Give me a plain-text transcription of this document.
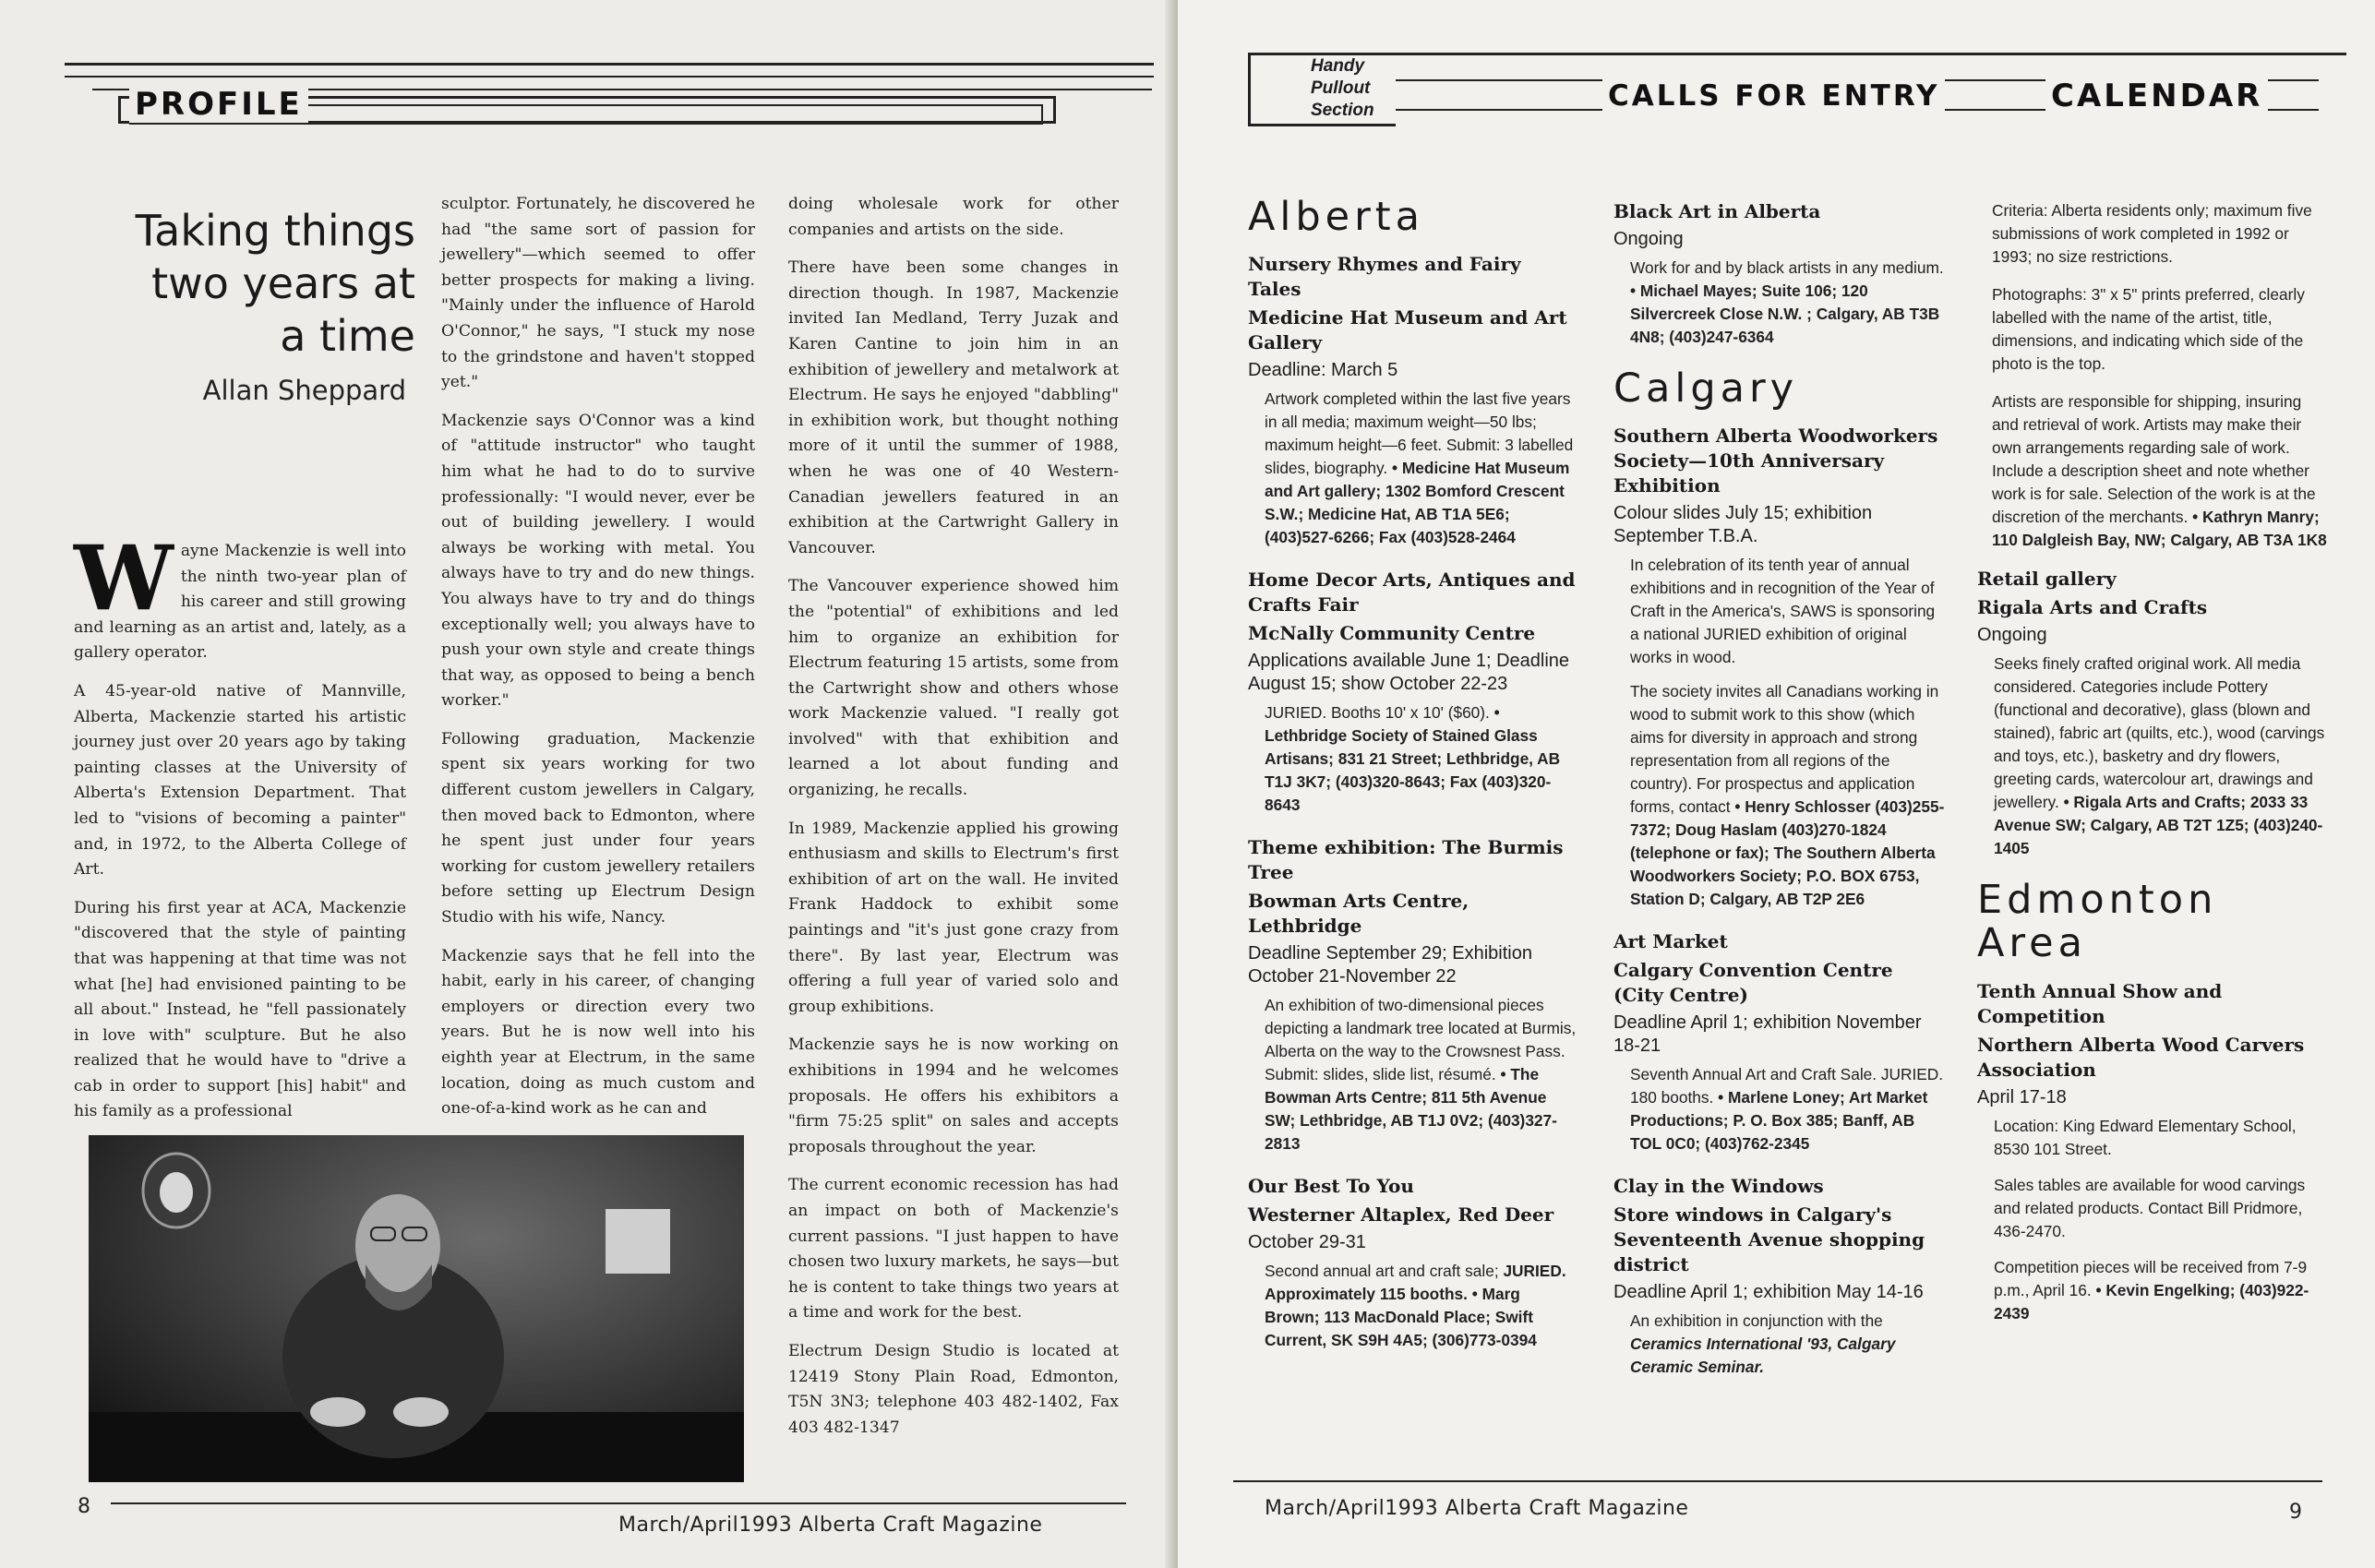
PROFILE
Taking things
two years at
a time
Allan Sheppard

Wayne Mackenzie is well into the ninth two-year plan of his career and still growing and learning as an artist and, lately, as a gallery operator.

A 45-year-old native of Mannville, Alberta, Mackenzie started his artistic journey just over 20 years ago by taking painting classes at the University of Alberta's Extension Department. That led to "visions of becoming a painter" and, in 1972, to the Alberta College of Art.

During his first year at ACA, Mackenzie "discovered that the style of painting that was happening at that time was not what [he] had envisioned painting to be all about." Instead, he "fell passionately in love with" sculpture. But he also realized that he would have to "drive a cab in order to support [his] habit" and his family as a professional

sculptor. Fortunately, he discovered he had "the same sort of passion for jewellery"—which seemed to offer better prospects for making a living. "Mainly under the influence of Harold O'Connor," he says, "I stuck my nose to the grindstone and haven't stopped yet."

Mackenzie says O'Connor was a kind of "attitude instructor" who taught him what he had to do to survive professionally: "I would never, ever be out of building jewellery. I would always be working with metal. You always have to try and do new things. You always have to try and do things exceptionally well; you always have to push your own style and create things that way, as opposed to being a bench worker."

Following graduation, Mackenzie spent six years working for two different custom jewellers in Calgary, then moved back to Edmonton, where he spent just under four years working for custom jewellery retailers before setting up Electrum Design Studio with his wife, Nancy.

Mackenzie says that he fell into the habit, early in his career, of changing employers or direction every two years. But he is now well into his eighth year at Electrum, in the same location, doing as much custom and one-of-a-kind work as he can and

doing wholesale work for other companies and artists on the side.

There have been some changes in direction though. In 1987, Mackenzie invited Ian Medland, Terry Juzak and Karen Cantine to join him in an exhibition of jewellery and metalwork at Electrum. He says he enjoyed "dabbling" in exhibition work, but thought nothing more of it until the summer of 1988, when he was one of 40 Western-Canadian jewellers featured in an exhibition at the Cartwright Gallery in Vancouver.

The Vancouver experience showed him the "potential" of exhibitions and led him to organize an exhibition for Electrum featuring 15 artists, some from the Cartwright show and others whose work Mackenzie valued. "I really got involved" with that exhibition and learned a lot about funding and organizing, he recalls.

In 1989, Mackenzie applied his growing enthusiasm and skills to Electrum's first exhibition of art on the wall. He invited Frank Haddock to exhibit some paintings and "it's just gone crazy from there". By last year, Electrum was offering a full year of varied solo and group exhibitions.

Mackenzie says he is now working on exhibitions in 1994 and he welcomes proposals. He offers his exhibitors a "firm 75:25 split" on sales and accepts proposals throughout the year.

The current economic recession has had an impact on both of Mackenzie's current passions. "I just happen to have chosen two luxury markets, he says—but he is content to take things two years at a time and work for the best.

Electrum Design Studio is located at 12419 Stony Plain Road, Edmonton, T5N 3N3; telephone 403 482-1402, Fax 403 482-1347

8
March/April1993 Alberta Craft Magazine
Handy
Pullout
Section	CALLS FOR ENTRY	CALENDAR
Alberta
Nursery Rhymes and Fairy Tales
Medicine Hat Museum and Art Gallery
Deadline: March 5
Artwork completed within the last five years in all media; maximum weight—50 lbs; maximum height—6 feet. Submit: 3 labelled slides, biography. • Medicine Hat Museum and Art gallery; 1302 Bomford Crescent S.W.; Medicine Hat, AB T1A 5E6; (403)527-6266; Fax (403)528-2464
Home Decor Arts, Antiques and Crafts Fair
McNally Community Centre
Applications available June 1; Deadline August 15; show October 22-23
JURIED. Booths 10' x 10' ($60). • Lethbridge Society of Stained Glass Artisans; 831 21 Street; Lethbridge, AB T1J 3K7; (403)320-8643; Fax (403)320-8643
Theme exhibition: The Burmis Tree
Bowman Arts Centre, Lethbridge
Deadline September 29; Exhibition October 21-November 22
An exhibition of two-dimensional pieces depicting a landmark tree located at Burmis, Alberta on the way to the Crowsnest Pass. Submit: slides, slide list, résumé. • The Bowman Arts Centre; 811 5th Avenue SW; Lethbridge, AB T1J 0V2; (403)327-2813
Our Best To You
Westerner Altaplex, Red Deer
October 29-31
Second annual art and craft sale; JURIED. Approximately 115 booths. • Marg Brown; 113 MacDonald Place; Swift Current, SK S9H 4A5; (306)773-0394
Black Art in Alberta
Ongoing
Work for and by black artists in any medium. • Michael Mayes; Suite 106; 120 Silvercreek Close N.W. ; Calgary, AB T3B 4N8; (403)247-6364
Calgary
Southern Alberta Woodworkers Society—10th Anniversary Exhibition
Colour slides July 15; exhibition September T.B.A.
In celebration of its tenth year of annual exhibitions and in recognition of the Year of Craft in the America's, SAWS is sponsoring a national JURIED exhibition of original works in wood.
The society invites all Canadians working in wood to submit work to this show (which aims for diversity in approach and strong representation from all regions of the country). For prospectus and application forms, contact • Henry Schlosser (403)255-7372; Doug Haslam (403)270-1824 (telephone or fax); The Southern Alberta Woodworkers Society; P.O. BOX 6753, Station D; Calgary, AB T2P 2E6
Art Market
Calgary Convention Centre (City Centre)
Deadline April 1; exhibition November 18-21
Seventh Annual Art and Craft Sale. JURIED. 180 booths. • Marlene Loney; Art Market Productions; P. O. Box 385; Banff, AB TOL 0C0; (403)762-2345
Clay in the Windows
Store windows in Calgary's Seventeenth Avenue shopping district
Deadline April 1; exhibition May 14-16
An exhibition in conjunction with the Ceramics International '93, Calgary Ceramic Seminar.
Criteria: Alberta residents only; maximum five submissions of work completed in 1992 or 1993; no size restrictions.
Photographs: 3" x 5" prints preferred, clearly labelled with the name of the artist, title, dimensions, and indicating which side of the photo is the top.
Artists are responsible for shipping, insuring and retrieval of work. Artists may make their own arrangements regarding sale of work. Include a description sheet and note whether work is for sale. Selection of the work is at the discretion of the merchants. • Kathryn Manry; 110 Dalgleish Bay, NW; Calgary, AB T3A 1K8
Retail gallery
Rigala Arts and Crafts
Ongoing
Seeks finely crafted original work. All media considered. Categories include Pottery (functional and decorative), glass (blown and stained), fabric art (quilts, etc.), wood (carvings and toys, etc.), basketry and dry flowers, greeting cards, watercolour art, drawings and jewellery. • Rigala Arts and Crafts; 2033 33 Avenue SW; Calgary, AB T2T 1Z5; (403)240-1405
Edmonton
Area
Tenth Annual Show and Competition
Northern Alberta Wood Carvers Association
April 17-18
Location: King Edward Elementary School, 8530 101 Street.
Sales tables are available for wood carvings and related products. Contact Bill Pridmore, 436-2470.
Competition pieces will be received from 7-9 p.m., April 16. • Kevin Engelking; (403)922-2439
March/April1993 Alberta Craft Magazine	9
